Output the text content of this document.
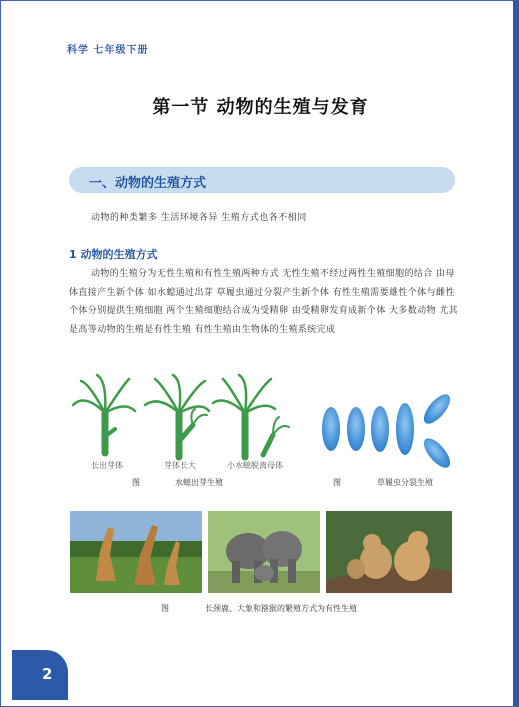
科学 七年级下册
第一节 动物的生殖与发育
一、动物的生殖方式
动物的种类繁多 生活环境各异 生殖方式也各不相同
1 动物的生殖方式
动物的生殖分为无性生殖和有性生殖两种方式 无性生殖不经过两性生殖细胞的结合 由母体直接产生新个体 如水螅通过出芽 草履虫通过分裂产生新个体 有性生殖需要雄性个体与雌性个体分别提供生殖细胞 两个生殖细胞结合成为受精卵 由受精卵发育成新个体 大多数动物 尤其是高等动物的生殖是有性生殖 有性生殖由生物体的生殖系统完成
长出芽体	芽体长大	小水螅脱离母体
图	水螅出芽生殖	图	草履虫分裂生殖
图	长颈鹿、大象和猕猴的繁殖方式为有性生殖
2
